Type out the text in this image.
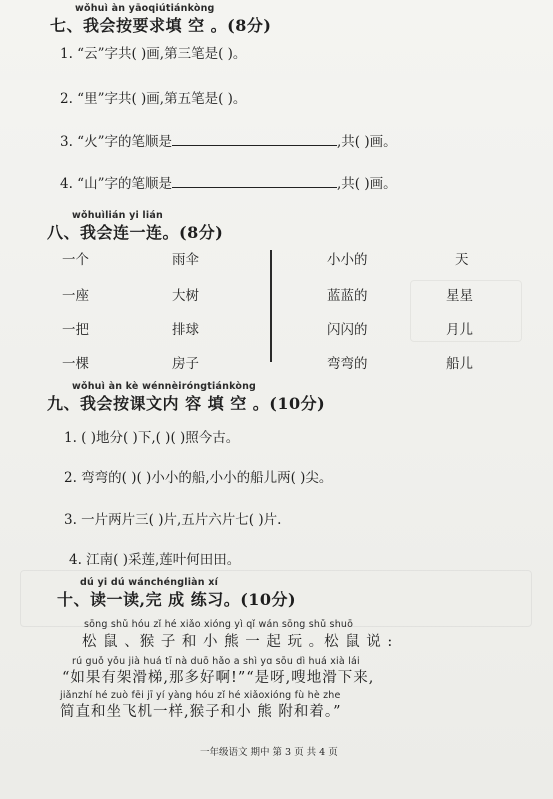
wǒhuì àn yāoqiútiánkòng
七、我会按要求填 空 。(8分)
1. “云”字共( )画,第三笔是( )。
2. “里”字共( )画,第五笔是( )。
3. “火”字的笔顺是	,共( )画。
4. “山”字的笔顺是	,共( )画。
wǒhuìlián yi lián
八、我会连一连。(8分)
一个
一座
一把
一棵
雨伞
大树
排球
房子
小小的
蓝蓝的
闪闪的
弯弯的
天
星星
月儿
船儿
wǒhuì àn kè wénnèiróngtiánkòng
九、我会按课文内 容 填 空 。(10分)
1. ( )地分( )下,( )( )照今古。
2. 弯弯的( )( )小小的船,小小的船儿两( )尖。
3. 一片两片三( )片,五片六片七( )片.
4. 江南( )采莲,莲叶何田田。
dú yi dú wánchéngliàn xí
十、读一读,完 成 练习。(10分)
sōng shǔ hóu zǐ hé xiǎo xióng yì qǐ wán sōng shǔ shuō
松 鼠 、猴 子 和 小 熊 一 起 玩 。松 鼠 说 :
rú guǒ yǒu jià huá tī nà duō hǎo a shì yɑ sōu dì huá xià lái
“如果有架滑梯,那多好啊!”“是呀,嗖地滑下来,
jiǎnzhí hé zuò fēi jī yí yàng hóu zǐ hé xiǎoxióng fù hè zhe
简直和坐飞机一样,猴子和小 熊 附和着。”
一年级语文 期中 第 3 页 共 4 页
